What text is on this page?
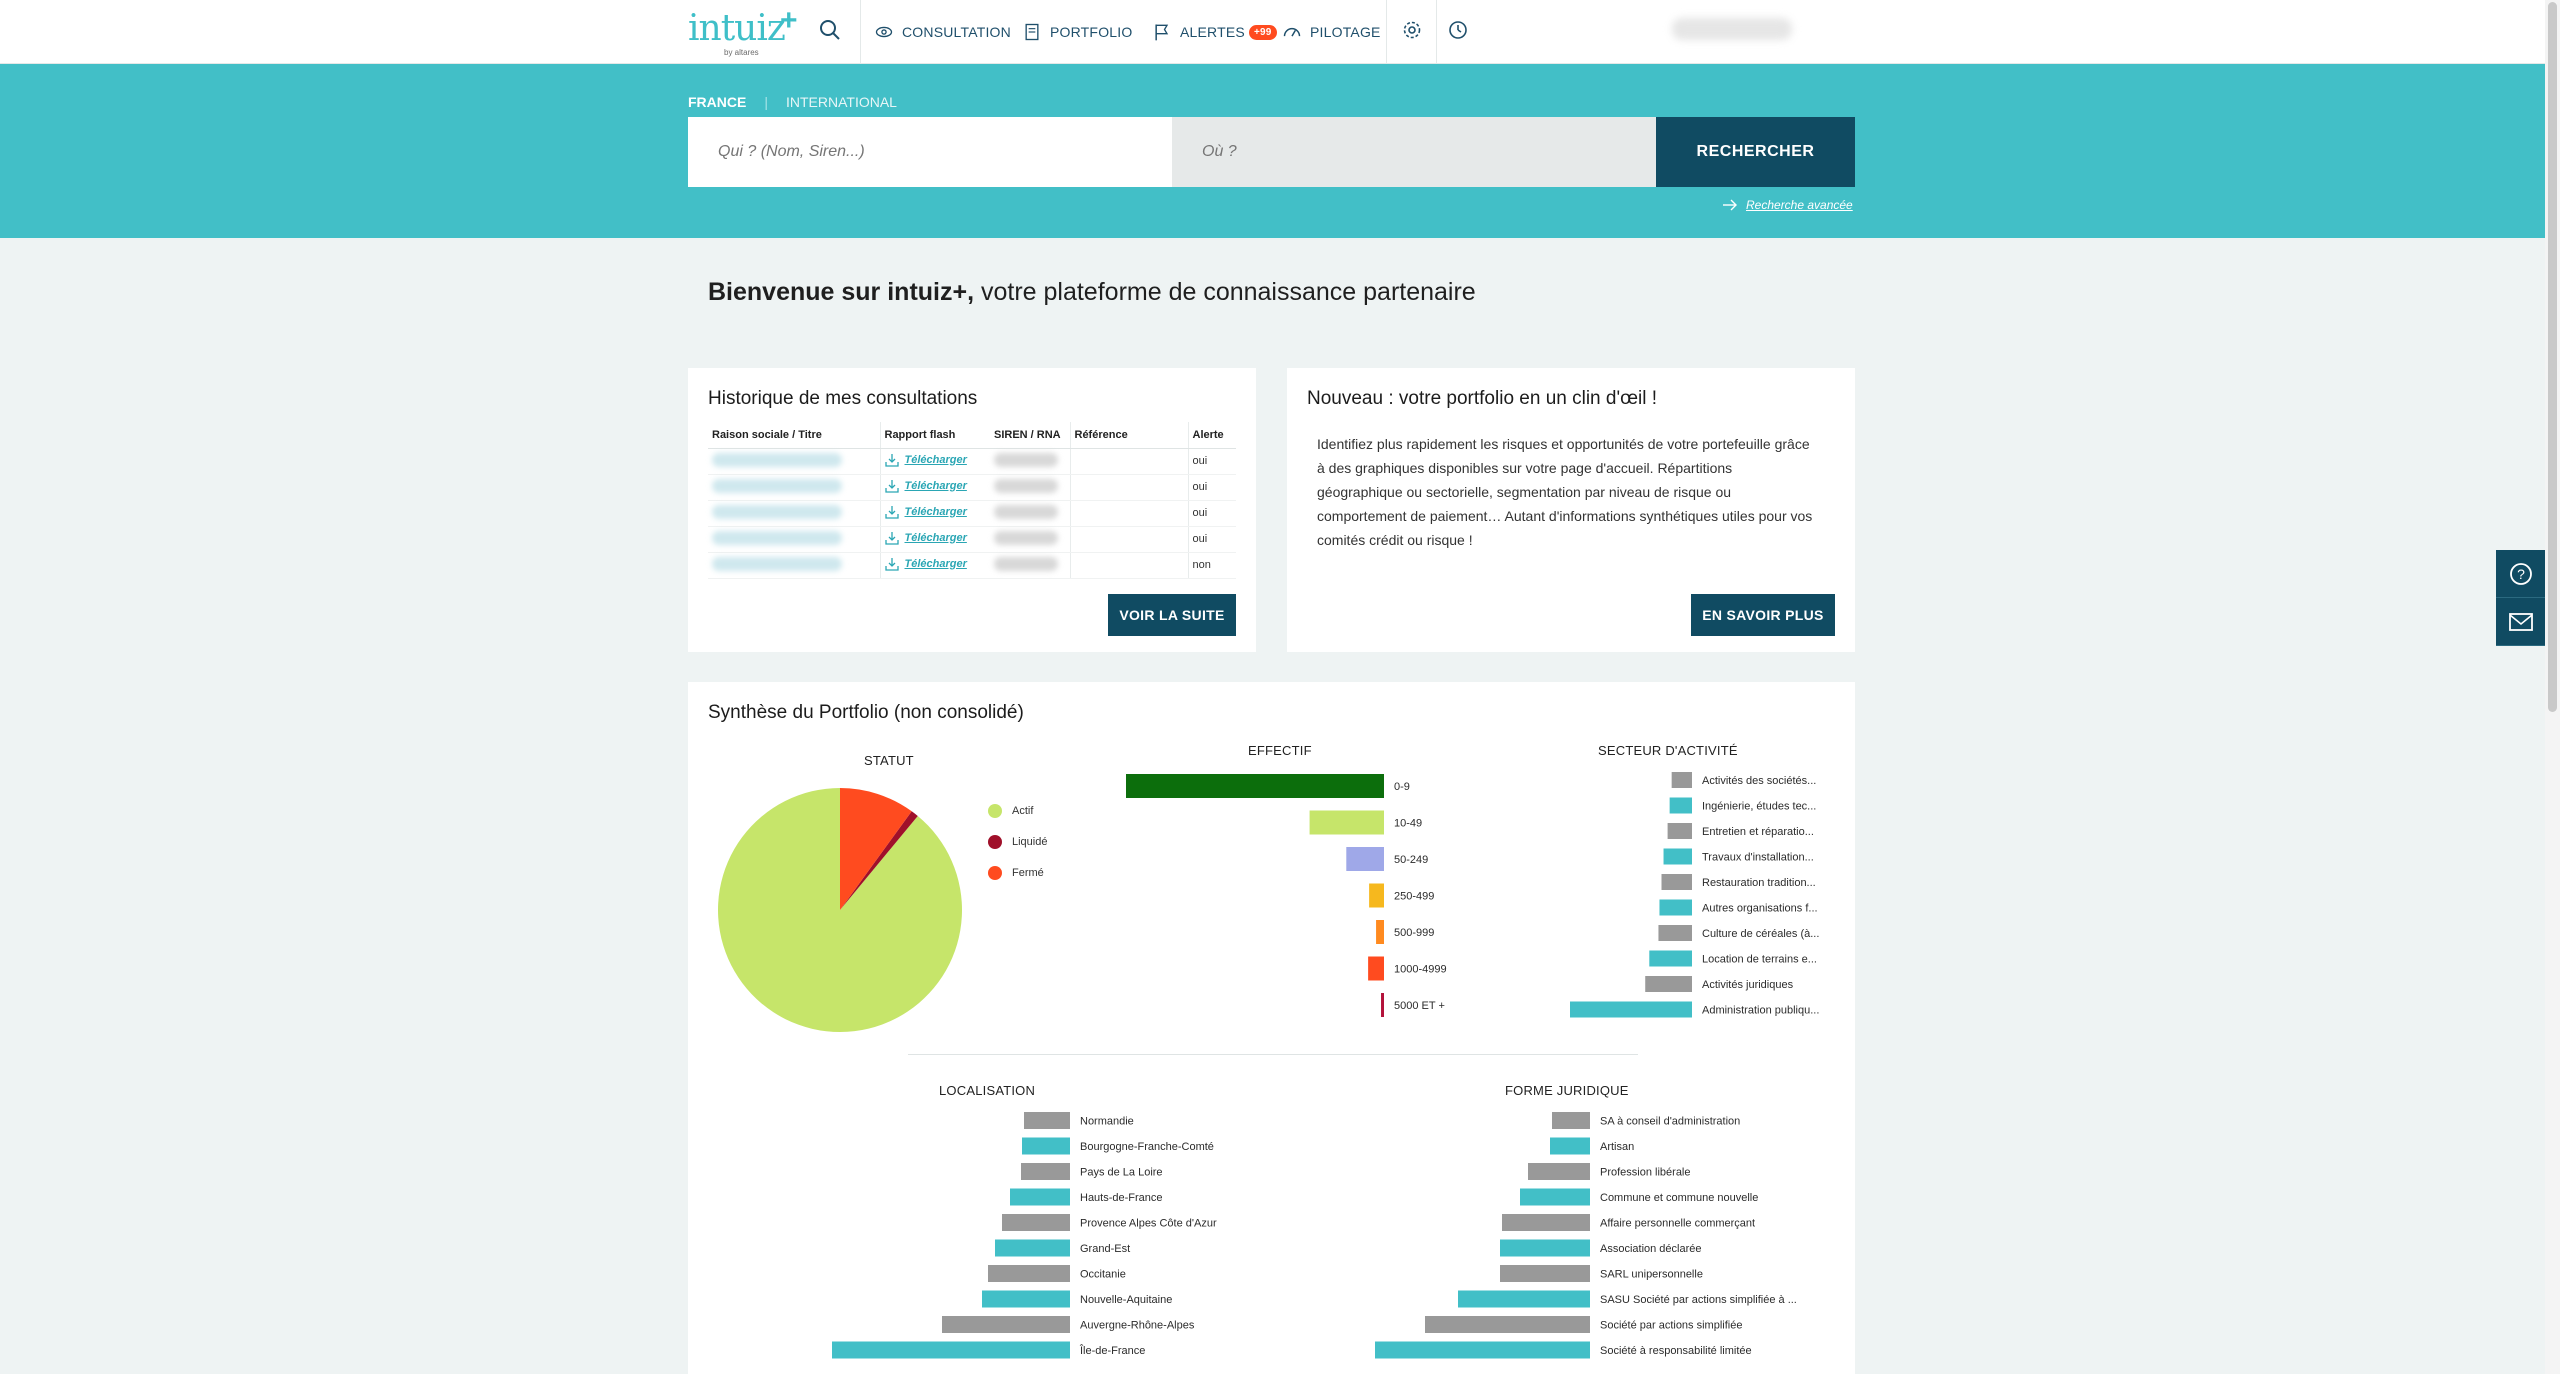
intuiz
+
by altares
CONSULTATION	PORTFOLIO	ALERTES +99	PILOTAGE
FRANCE | INTERNATIONAL
Qui ? (Nom, Siren...)
Où ?
RECHERCHER
Recherche avancée
Bienvenue sur intuiz+, votre plateforme de connaissance partenaire
Historique de mes consultations
Raison sociale / Titre	Rapport flash	SIREN / RNA	Référence	Alerte

	Télécharger			oui

	Télécharger			oui

	Télécharger			oui

	Télécharger			oui

	Télécharger			non
VOIR LA SUITE
Nouveau : votre portfolio en un clin d'œil !

Identifiez plus rapidement les risques et opportunités de votre portefeuille grâce à des graphiques disponibles sur votre page d'accueil. Répartitions géographique ou sectorielle, segmentation par niveau de risque ou comportement de paiement… Autant d'informations synthétiques utiles pour vos comités crédit ou risque !

EN SAVOIR PLUS
Synthèse du Portfolio (non consolidé)
STATUT
EFFECTIF	SECTEUR D'ACTIVITÉ
LOCALISATION	FORME JURIDIQUE
Actif
Liquidé
Fermé
0-9
10-49
50-249
250-499
500-999
1000-4999
5000 ET +
Activités des sociétés...
Ingénierie, études tec...
Entretien et réparatio...
Travaux d'installation...
Restauration tradition...
Autres organisations f...
Culture de céréales (à...
Location de terrains e...
Activités juridiques
Administration publiqu...
Normandie
Bourgogne-Franche-Comté
Pays de La Loire
Hauts-de-France
Provence Alpes Côte d'Azur
Grand-Est
Occitanie
Nouvelle-Aquitaine
Auvergne-Rhône-Alpes
Île-de-France
SA à conseil d'administration
Artisan
Profession libérale
Commune et commune nouvelle
Affaire personnelle commerçant
Association déclarée
SARL unipersonnelle
SASU Société par actions simplifiée à ...
Société par actions simplifiée
Société à responsabilité limitée
?
